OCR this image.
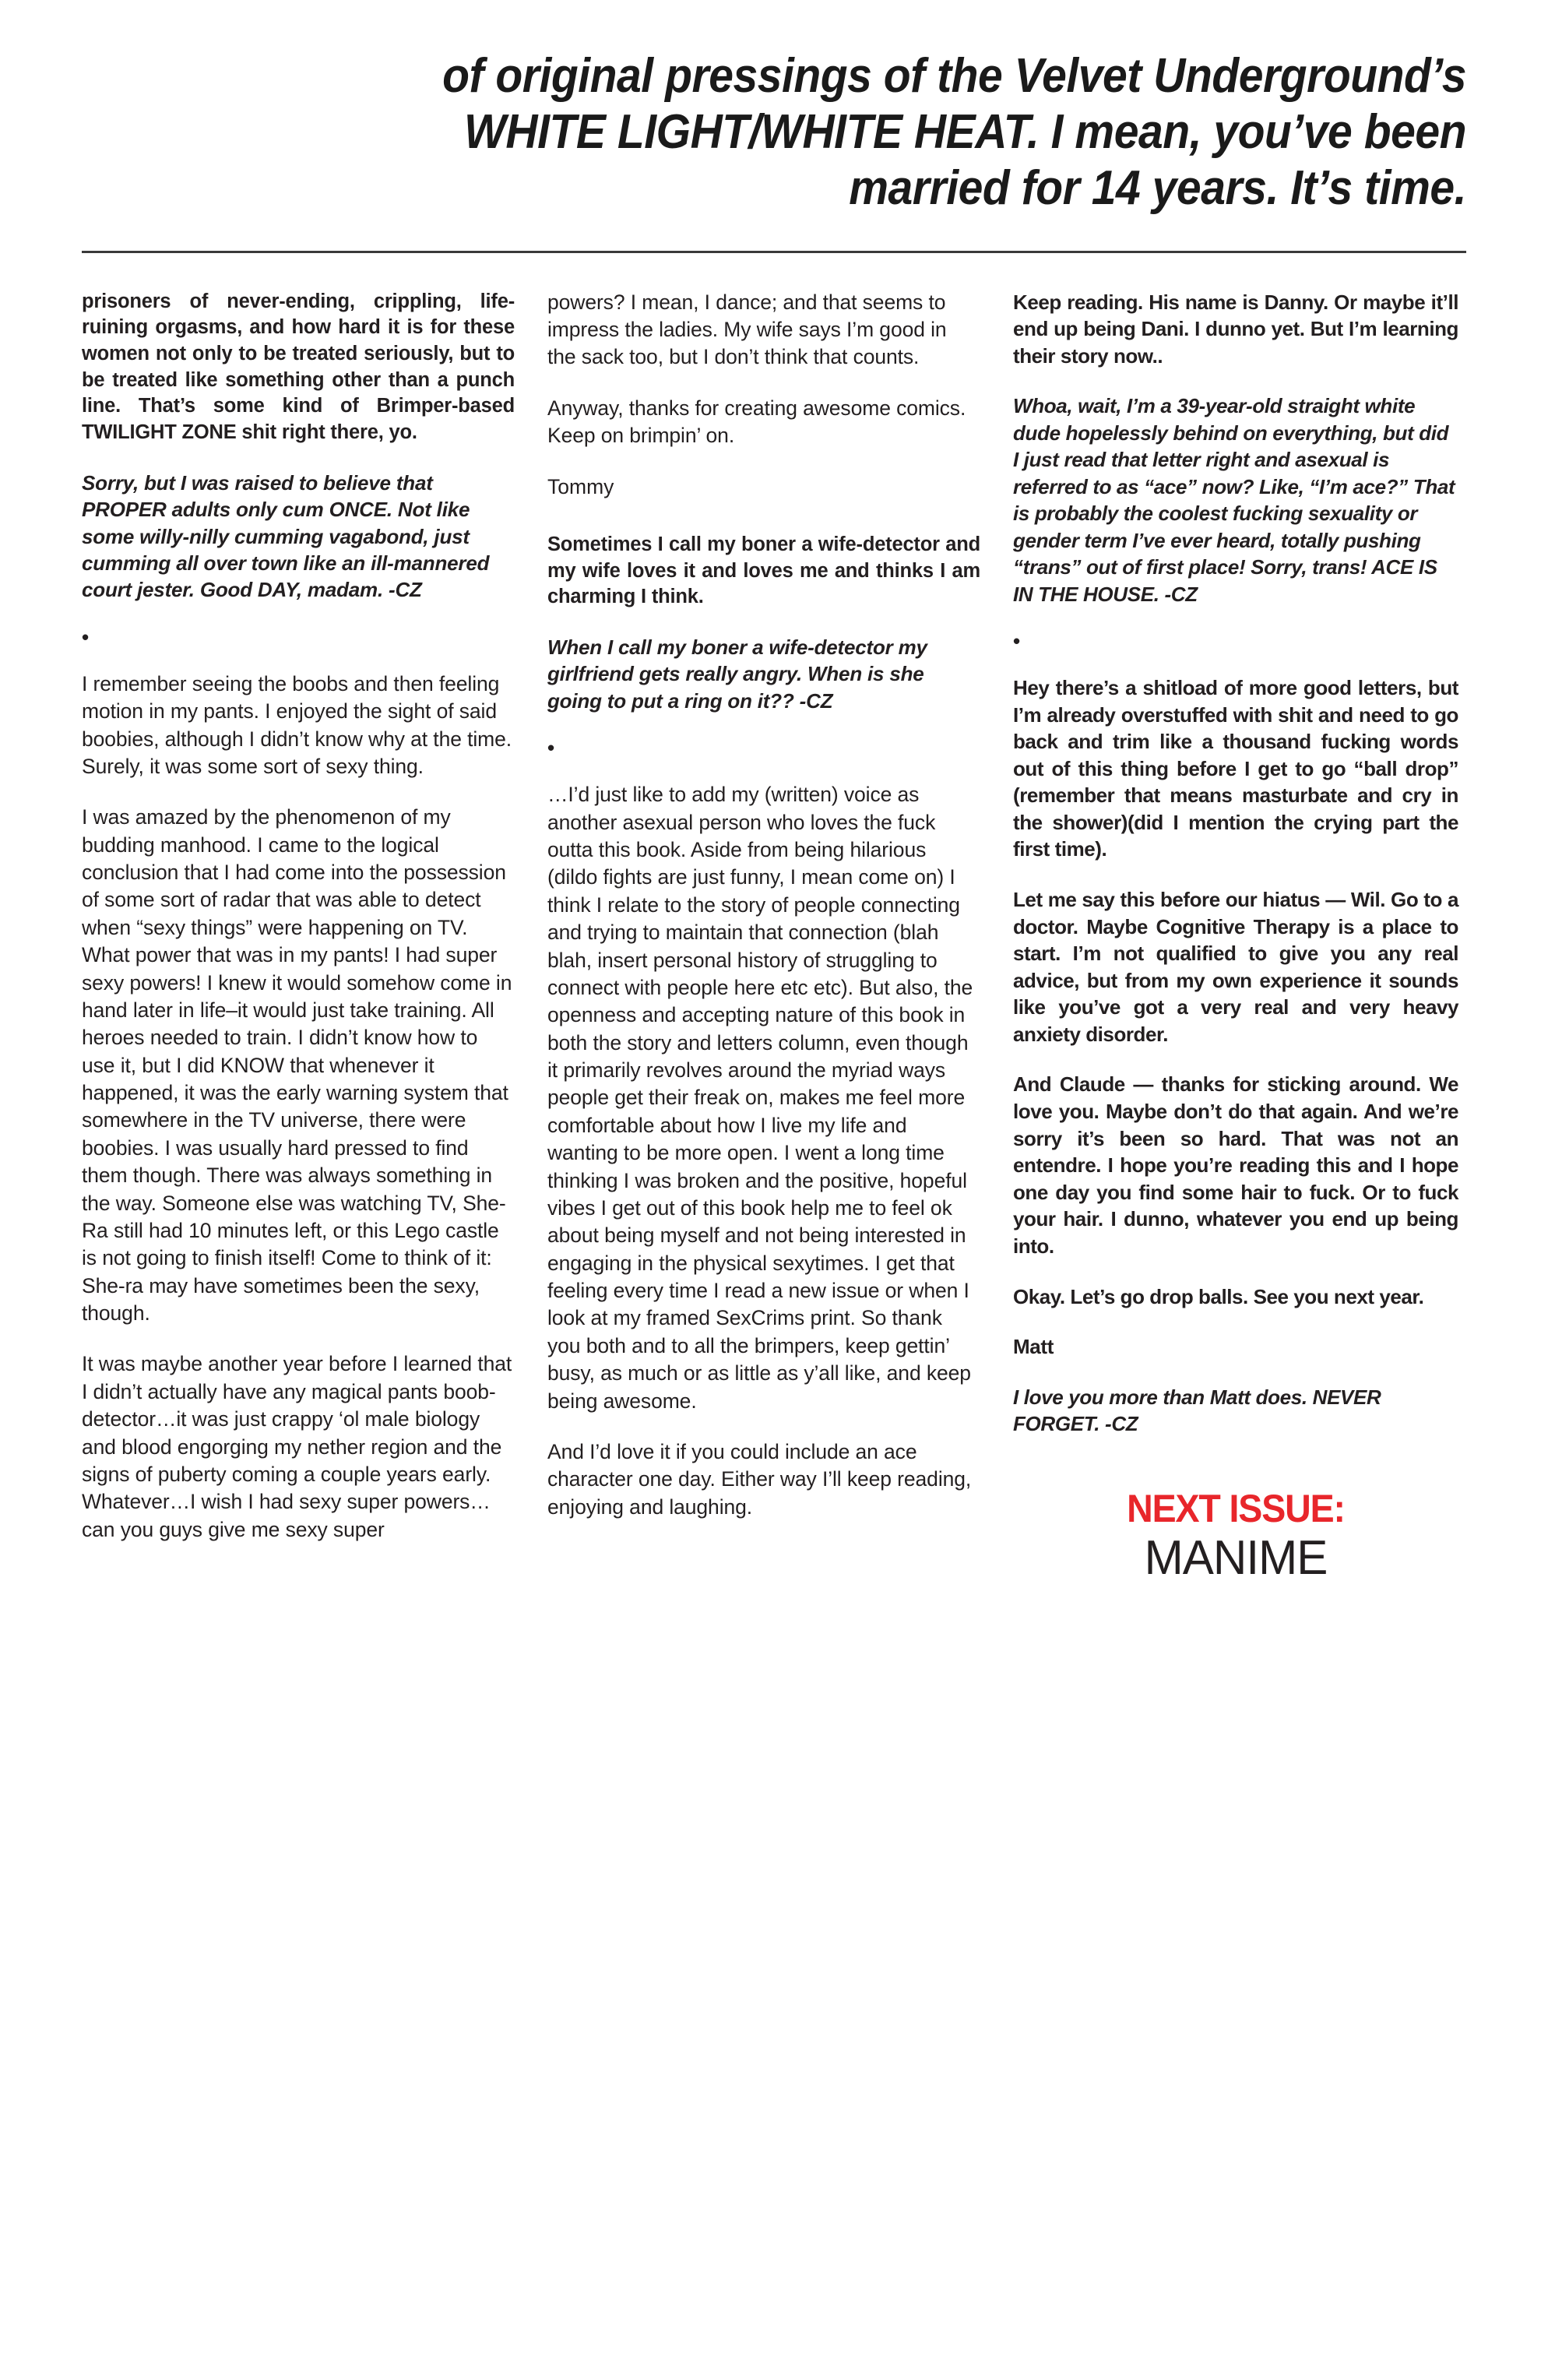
of original pressings of the Velvet Underground’s
WHITE LIGHT/WHITE HEAT. I mean, you’ve been
married for 14 years. It’s time.

prisoners of never-ending, crippling, life-ruining orgasms, and how hard it is for these women not only to be treated seriously, but to be treated like something other than a punch line. That’s some kind of Brimper-based TWILIGHT ZONE shit right there, yo.

Sorry, but I was raised to believe that PROPER adults only cum ONCE. Not like some willy-nilly cumming vagabond, just cumming all over town like an ill-mannered court jester. Good DAY, madam. -CZ

•

I remember seeing the boobs and then feeling motion in my pants. I enjoyed the sight of said boobies, although I didn’t know why at the time. Surely, it was some sort of sexy thing.

I was amazed by the phenomenon of my budding manhood. I came to the logical conclusion that I had come into the possession of some sort of radar that was able to detect when “sexy things” were happening on TV. What power that was in my pants! I had super sexy powers! I knew it would somehow come in hand later in life–it would just take training. All heroes needed to train. I didn’t know how to use it, but I did KNOW that whenever it happened, it was the early warning system that somewhere in the TV universe, there were boobies. I was usually hard pressed to find them though. There was always something in the way. Someone else was watching TV, She-Ra still had 10 minutes left, or this Lego castle is not going to finish itself! Come to think of it: She-ra may have sometimes been the sexy, though.

It was maybe another year before I learned that I didn’t actually have any magical pants boob-detector…it was just crappy ‘ol male biology and blood engorging my nether region and the signs of puberty coming a couple years early. Whatever…I wish I had sexy super powers… can you guys give me sexy super

powers? I mean, I dance; and that seems to impress the ladies. My wife says I’m good in the sack too, but I don’t think that counts.

Anyway, thanks for creating awesome comics. Keep on brimpin’ on.

Tommy

Sometimes I call my boner a wife-detector and my wife loves it and loves me and thinks I am charming I think.

When I call my boner a wife-detector my girlfriend gets really angry. When is she going to put a ring on it?? -CZ

•

…I’d just like to add my (written) voice as another asexual person who loves the fuck outta this book. Aside from being hilarious (dildo fights are just funny, I mean come on) I think I relate to the story of people connecting and trying to maintain that connection (blah blah, insert personal history of struggling to connect with people here etc etc). But also, the openness and accepting nature of this book in both the story and letters column, even though it primarily revolves around the myriad ways people get their freak on, makes me feel more comfortable about how I live my life and wanting to be more open. I went a long time thinking I was broken and the positive, hopeful vibes I get out of this book help me to feel ok about being myself and not being interested in engaging in the physical sexytimes. I get that feeling every time I read a new issue or when I look at my framed SexCrims print. So thank you both and to all the brimpers, keep gettin’ busy, as much or as little as y’all like, and keep being awesome.

And I’d love it if you could include an ace character one day. Either way I’ll keep reading, enjoying and laughing.

Keep reading. His name is Danny. Or maybe it’ll end up being Dani. I dunno yet. But I’m learning their story now..

Whoa, wait, I’m a 39-year-old straight white dude hopelessly behind on everything, but did I just read that letter right and asexual is referred to as “ace” now? Like, “I’m ace?” That is probably the coolest fucking sexuality or gender term I’ve ever heard, totally pushing “trans” out of first place! Sorry, trans! ACE IS IN THE HOUSE. -CZ

•

Hey there’s a shitload of more good letters, but I’m already overstuffed with shit and need to go back and trim like a thousand fucking words out of this thing before I get to go “ball drop” (remember that means masturbate and cry in the shower)(did I mention the crying part the first time).

Let me say this before our hiatus — Wil. Go to a doctor. Maybe Cognitive Therapy is a place to start. I’m not qualified to give you any real advice, but from my own experience it sounds like you’ve got a very real and very heavy anxiety disorder.

And Claude — thanks for sticking around. We love you. Maybe don’t do that again. And we’re sorry it’s been so hard. That was not an entendre. I hope you’re reading this and I hope one day you find some hair to fuck. Or to fuck your hair. I dunno, whatever you end up being into.

Okay. Let’s go drop balls. See you next year.

Matt

I love you more than Matt does. NEVER FORGET. -CZ

NEXT ISSUE:
MANIME
